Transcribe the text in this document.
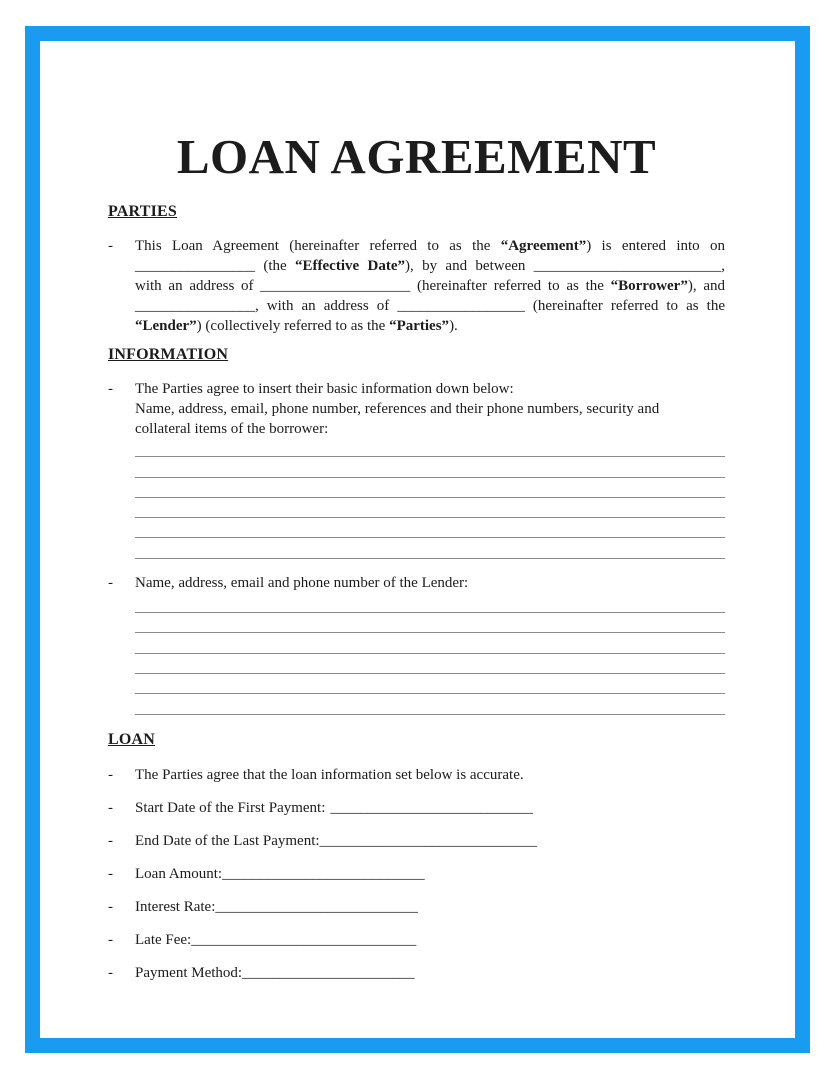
LOAN AGREEMENT
PARTIES
-	This Loan Agreement (hereinafter referred to as the “Agreement”) is entered into on
________________ (the “Effective Date”), by and between _________________________,
with an address of ____________________ (hereinafter referred to as the “Borrower”), and
________________, with an address of _________________ (hereinafter referred to as the
“Lender”) (collectively referred to as the “Parties”).
INFORMATION
-	The Parties agree to insert their basic information down below:
Name, address, email, phone number, references and their phone numbers, security and
collateral items of the borrower:
-	Name, address, email and phone number of the Lender:
LOAN
-	The Parties agree that the loan information set below is accurate.
-	Start Date of the First Payment: ___________________________
-	End Date of the Last Payment:_____________________________
-	Loan Amount:___________________________
-	Interest Rate:___________________________
-	Late Fee:______________________________
-	Payment Method:_______________________
